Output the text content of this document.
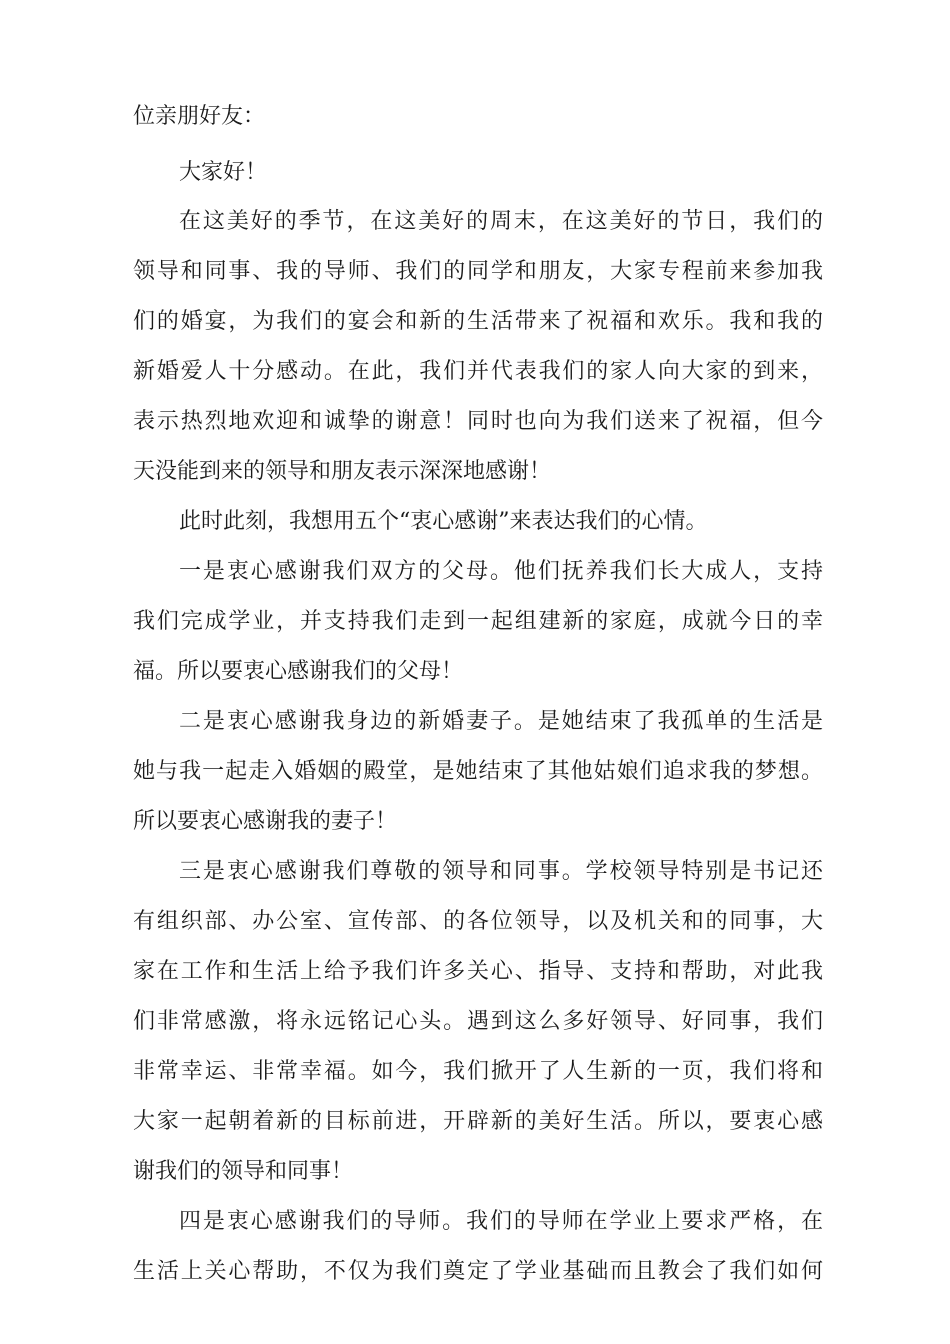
位亲朋好友：
大家好！
在这美好的季节，在这美好的周末，在这美好的节日，我们的
领导和同事、我的导师、我们的同学和朋友，大家专程前来参加我
们的婚宴，为我们的宴会和新的生活带来了祝福和欢乐。我和我的
新婚爱人十分感动。在此，我们并代表我们的家人向大家的到来，
表示热烈地欢迎和诚挚的谢意！同时也向为我们送来了祝福，但今
天没能到来的领导和朋友表示深深地感谢！
此时此刻，我想用五个“衷心感谢”来表达我们的心情。
一是衷心感谢我们双方的父母。他们抚养我们长大成人，支持
我们完成学业，并支持我们走到一起组建新的家庭，成就今日的幸
福。所以要衷心感谢我们的父母！
二是衷心感谢我身边的新婚妻子。是她结束了我孤单的生活是
她与我一起走入婚姻的殿堂，是她结束了其他姑娘们追求我的梦想。
所以要衷心感谢我的妻子！
三是衷心感谢我们尊敬的领导和同事。学校领导特别是书记还
有组织部、办公室、宣传部、的各位领导，以及机关和的同事，大
家在工作和生活上给予我们许多关心、指导、支持和帮助，对此我
们非常感激，将永远铭记心头。遇到这么多好领导、好同事，我们
非常幸运、非常幸福。如今，我们掀开了人生新的一页，我们将和
大家一起朝着新的目标前进，开辟新的美好生活。所以，要衷心感
谢我们的领导和同事！
四是衷心感谢我们的导师。我们的导师在学业上要求严格，在
生活上关心帮助，不仅为我们奠定了学业基础而且教会了我们如何
